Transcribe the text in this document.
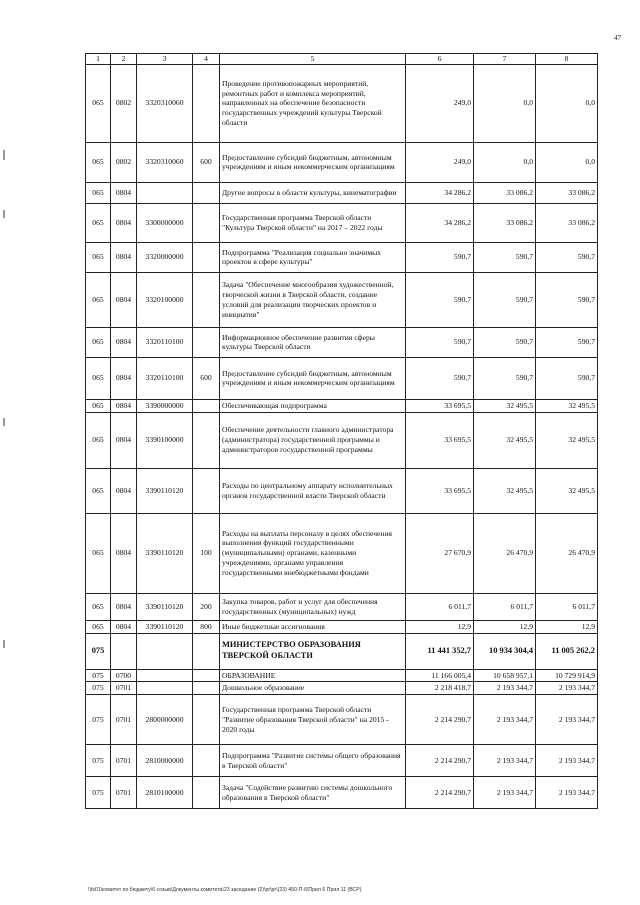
47
1	2	3	4	5	6	7	8
065	0802	3320310060		Проведение противопожарных мероприятий, ремонтных работ и комплекса мероприятий, направленных на обеспечение безопасности государственных учреждений культуры Тверской области	249,0	0,0	0,0
065	0802	3320310060	600	Предоставление субсидий бюджетным, автономным учреждениям и иным некоммерческим организациям	249,0	0,0	0,0
065	0804			Другие вопросы в области культуры, кинематографии	34 286,2	33 086,2	33 086,2
065	0804	3300000000		Государственная программа Тверской области "Культура Тверской области" на 2017 – 2022 годы	34 286,2	33 086,2	33 086,2
065	0804	3320000000		Подпрограмма "Реализация социально значимых проектов в сфере культуры"	590,7	590,7	590,7
065	0804	3320100000		Задача "Обеспечение многообразия художественной, творческой жизни в Тверской области, создание условий для реализации творческих проектов и инициатив"	590,7	590,7	590,7
065	0804	3320110100		Информационное обеспечение развития сферы культуры Тверской области	590,7	590,7	590,7
065	0804	3320110100	600	Предоставление субсидий бюджетным, автономным учреждениям и иным некоммерческим организациям	590,7	590,7	590,7
065	0804	3390000000		Обеспечивающая подпрограмма	33 695,5	32 495,5	32 495,5
065	0804	3390100000		Обеспечение деятельности главного администратора (администратора) государственной программы и администраторов государственной программы	33 695,5	32 495,5	32 495,5
065	0804	3390110120		Расходы по центральному аппарату исполнительных органов государственной власти Тверской области	33 695,5	32 495,5	32 495,5
065	0804	3390110120	100	Расходы на выплаты персоналу в целях обеспечения выполнения функций государственными (муниципальными) органами, казенными учреждениями, органами управления государственными внебюджетными фондами	27 670,9	26 470,9	26 470,9
065	0804	3390110120	200	Закупка товаров, работ и услуг для обеспечения государственных (муниципальных) нужд	6 011,7	6 011,7	6 011,7
065	0804	3390110120	800	Иные бюджетные ассигнования	12,9	12,9	12,9
075				МИНИСТЕРСТВО ОБРАЗОВАНИЯ ТВЕРСКОЙ ОБЛАСТИ	11 441 352,7	10 934 304,4	11 005 262,2
075	0700			ОБРАЗОВАНИЕ	11 166 005,4	10 658 957,1	10 729 914,9
075	0701			Дошкольное образование	2 218 418,7	2 193 344,7	2 193 344,7
075	0701	2800000000		Государственная программа Тверской области "Развитие образования Тверской области" на 2015 - 2020 годы	2 214 290,7	2 193 344,7	2 193 344,7
075	0701	2810000000		Подпрограмма "Развитие системы общего образования в Тверской области"	2 214 290,7	2 193 344,7	2 193 344,7
075	0701	2810100000		Задача "Содействие развитию системы дошкольного образования в Тверской области"	2 214 290,7	2 193 344,7	2 193 344,7
\\fs01\комитет по бюджету\6 созыв\Документы комитета\23 заседание (2)\pr\pr\(23) 450-П-6\Прил 6 Прил 11 (ВСР)
